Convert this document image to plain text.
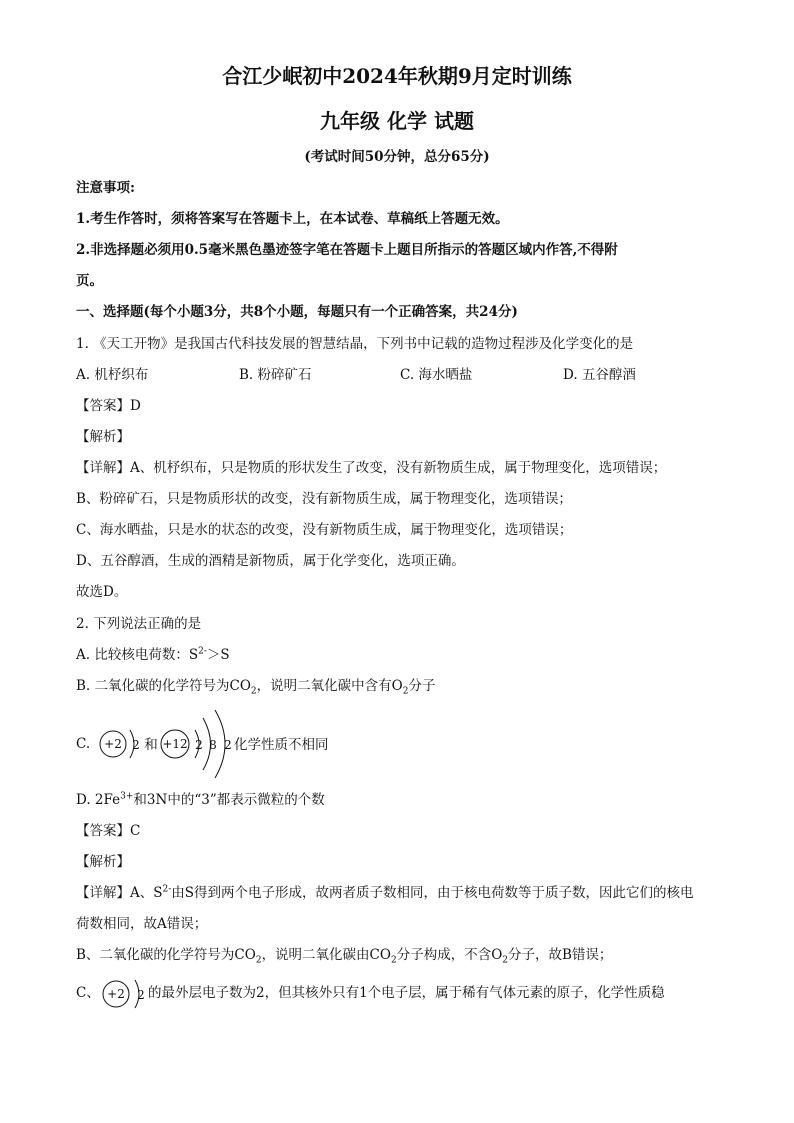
合江少岷初中2024年秋期9月定时训练
九年级 化学 试题
(考试时间50分钟，总分65分)
注意事项:
1.考生作答时，须将答案写在答题卡上，在本试卷、草稿纸上答题无效。
2.非选择题必须用0.5毫米黑色墨迹签字笔在答题卡上题目所指示的答题区域内作答,不得附
页。
一、选择题(每个小题3分，共8个小题，每题只有一个正确答案，共24分)
1. 《天工开物》是我国古代科技发展的智慧结晶，下列书中记载的造物过程涉及化学变化的是
A. 机杼织布	B. 粉碎矿石	C. 海水晒盐	D. 五谷醇酒
【答案】D
【解析】
【详解】A、机杼织布，只是物质的形状发生了改变，没有新物质生成，属于物理变化，选项错误；
B、粉碎矿石，只是物质形状的改变，没有新物质生成，属于物理变化，选项错误；
C、海水晒盐，只是水的状态的改变，没有新物质生成，属于物理变化，选项错误；
D、五谷醇酒，生成的酒精是新物质，属于化学变化，选项正确。
故选D。
2. 下列说法正确的是
A. 比较核电荷数：$S^{2-}>S$
B. 二氧化碳的化学符号为$CO_2$，说明二氧化碳中含有$O_2$分子
C. +2 2 和 +12 2 8 2 化学性质不相同
D. $2Fe^{3+}$和3N中的“3”都表示微粒的个数
【答案】C
【解析】
【详解】A、$S^{2-}$由S得到两个电子形成，故两者质子数相同，由于核电荷数等于质子数，因此它们的核电
荷数相同，故A错误；
B、二氧化碳的化学符号为$CO_2$，说明二氧化碳由$CO_2$分子构成，不含$O_2$分子，故B错误；
C、 +2 2 的最外层电子数为2，但其核外只有1个电子层，属于稀有气体元素的原子，化学性质稳
